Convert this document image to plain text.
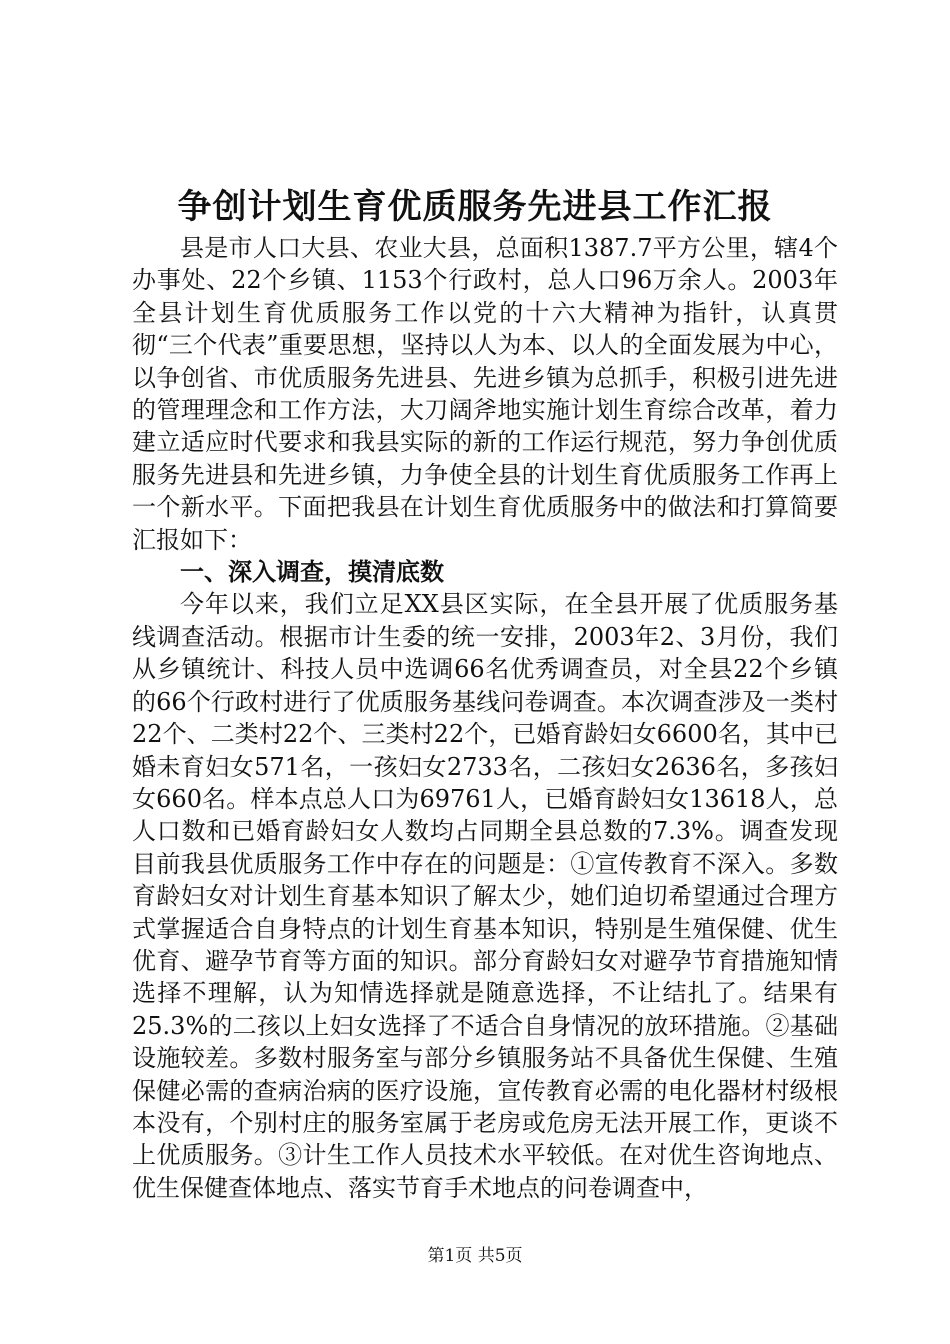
争创计划生育优质服务先进县工作汇报

县是市人口大县、农业大县，总面积1387.7平方公里，辖4个办事处、22个乡镇、1153个行政村，总人口96万余人。2003年全县计划生育优质服务工作以党的十六大精神为指针，认真贯彻“三个代表”重要思想，坚持以人为本、以人的全面发展为中心，以争创省、市优质服务先进县、先进乡镇为总抓手，积极引进先进的管理理念和工作方法，大刀阔斧地实施计划生育综合改革，着力建立适应时代要求和我县实际的新的工作运行规范，努力争创优质服务先进县和先进乡镇，力争使全县的计划生育优质服务工作再上一个新水平。下面把我县在计划生育优质服务中的做法和打算简要汇报如下：

一、深入调查，摸清底数

今年以来，我们立足XX县区实际，在全县开展了优质服务基线调查活动。根据市计生委的统一安排，2003年2、3月份，我们从乡镇统计、科技人员中选调66名优秀调查员，对全县22个乡镇的66个行政村进行了优质服务基线问卷调查。本次调查涉及一类村22个、二类村22个、三类村22个，已婚育龄妇女6600名，其中已婚未育妇女571名，一孩妇女2733名，二孩妇女2636名，多孩妇女660名。样本点总人口为69761人，已婚育龄妇女13618人，总人口数和已婚育龄妇女人数均占同期全县总数的7.3%。调查发现目前我县优质服务工作中存在的问题是：①宣传教育不深入。多数育龄妇女对计划生育基本知识了解太少，她们迫切希望通过合理方式掌握适合自身特点的计划生育基本知识，特别是生殖保健、优生优育、避孕节育等方面的知识。部分育龄妇女对避孕节育措施知情选择不理解，认为知情选择就是随意选择，不让结扎了。结果有25.3%的二孩以上妇女选择了不适合自身情况的放环措施。②基础设施较差。多数村服务室与部分乡镇服务站不具备优生保健、生殖保健必需的查病治病的医疗设施，宣传教育必需的电化器材村级根本没有，个别村庄的服务室属于老房或危房无法开展工作，更谈不上优质服务。③计生工作人员技术水平较低。在对优生咨询地点、优生保健查体地点、落实节育手术地点的问卷调查中，

第1页 共5页
